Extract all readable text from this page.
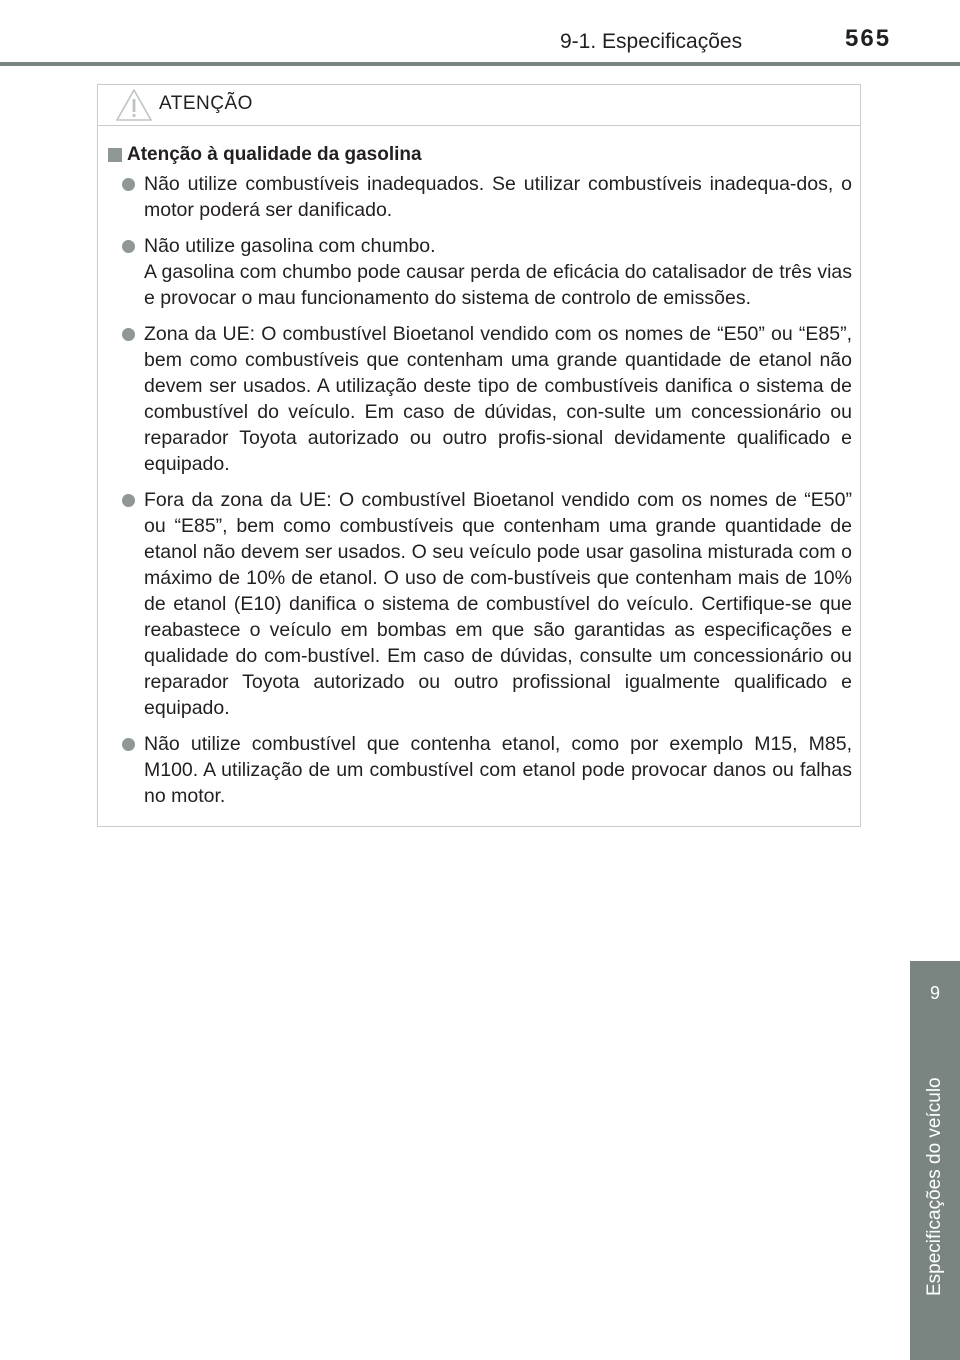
9-1. Especificações	565
ATENÇÃO
Atenção à qualidade da gasolina
Não utilize combustíveis inadequados. Se utilizar combustíveis inadequa-dos, o motor poderá ser danificado.
Não utilize gasolina com chumbo.
A gasolina com chumbo pode causar perda de eficácia do catalisador de três vias e provocar o mau funcionamento do sistema de controlo de emissões.
Zona da UE: O combustível Bioetanol vendido com os nomes de “E50” ou “E85”, bem como combustíveis que contenham uma grande quantidade de etanol não devem ser usados. A utilização deste tipo de combustíveis danifica o sistema de combustível do veículo. Em caso de dúvidas, con-sulte um concessionário ou reparador Toyota autorizado ou outro profis-sional devidamente qualificado e equipado.
Fora da zona da UE: O combustível Bioetanol vendido com os nomes de “E50” ou “E85”, bem como combustíveis que contenham uma grande quantidade de etanol não devem ser usados. O seu veículo pode usar gasolina misturada com o máximo de 10% de etanol. O uso de com-bustíveis que contenham mais de 10% de etanol (E10) danifica o sistema de combustível do veículo. Certifique-se que reabastece o veículo em bombas em que são garantidas as especificações e qualidade do com-bustível. Em caso de dúvidas, consulte um concessionário ou reparador Toyota autorizado ou outro profissional igualmente qualificado e equipado.
Não utilize combustível que contenha etanol, como por exemplo M15, M85, M100. A utilização de um combustível com etanol pode provocar danos ou falhas no motor.
9
Especificações do veículo
